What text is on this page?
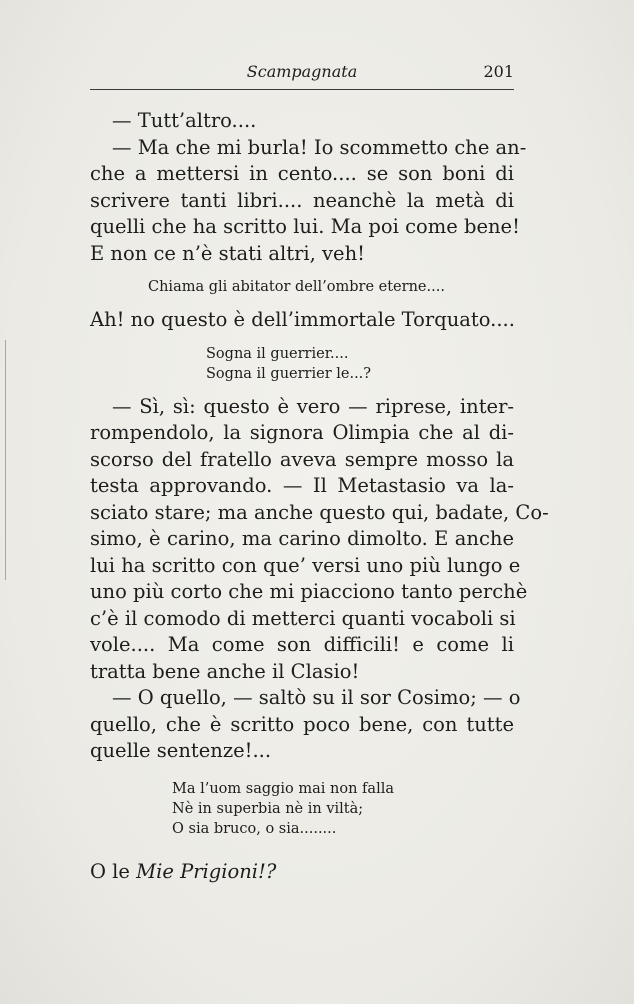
Scampagnata	201
— Tutt’altro....
— Ma che mi burla! Io scommetto che an-
che a mettersi in cento.... se son boni di
scrivere tanti libri.... neanchè la metà di
quelli che ha scritto lui. Ma poi come bene!
E non ce n’è stati altri, veh!
Chiama gli abitator dell’ombre eterne....
Ah! no questo è dell’immortale Torquato....
Sogna il guerrier....
Sogna il guerrier le...?
— Sì, sì: questo è vero — riprese, inter-
rompendolo, la signora Olimpia che al di-
scorso del fratello aveva sempre mosso la
testa approvando. — Il Metastasio va la-
sciato stare; ma anche questo qui, badate, Co-
simo, è carino, ma carino dimolto. E anche
lui ha scritto con que’ versi uno più lungo e
uno più corto che mi piacciono tanto perchè
c’è il comodo di metterci quanti vocaboli si
vole.... Ma come son difficili! e come li
tratta bene anche il Clasio!
— O quello, — saltò su il sor Cosimo; — o
quello, che è scritto poco bene, con tutte
quelle sentenze!...
Ma l’uom saggio mai non falla
Nè in superbia nè in viltà;
O sia bruco, o sia........
O le Mie Prigioni!?
